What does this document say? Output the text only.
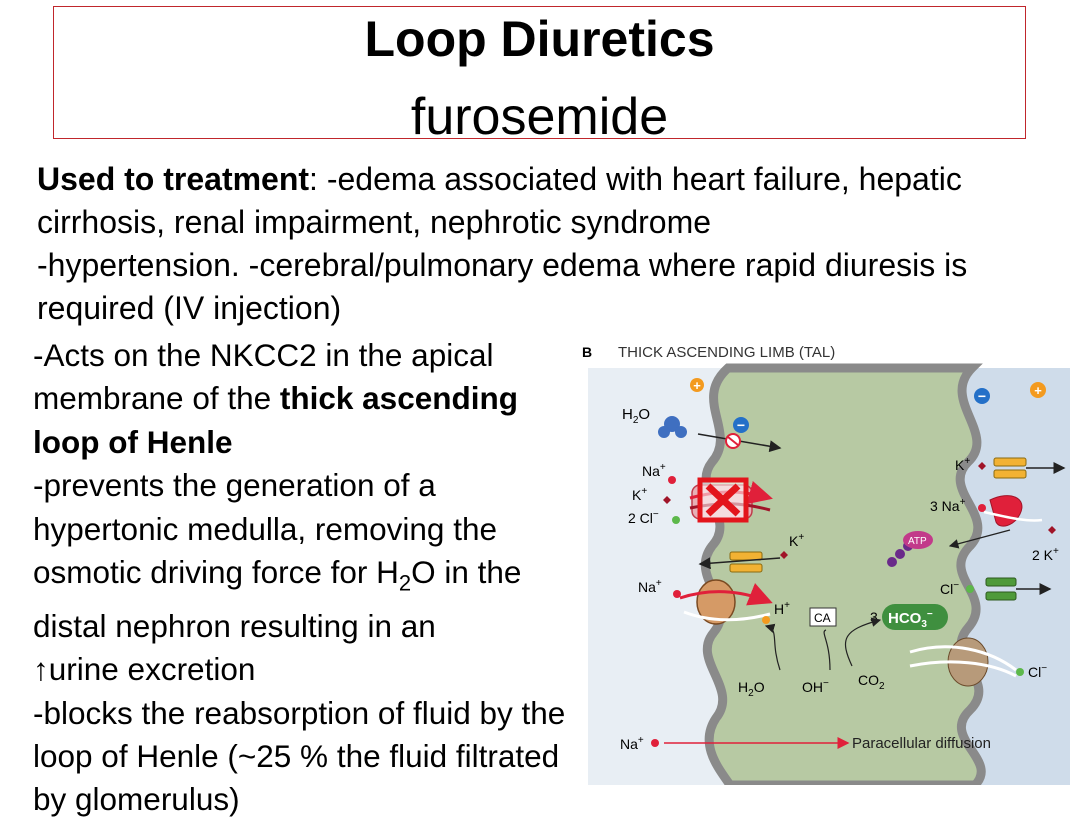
Loop Diuretics
furosemide
Used to treatment: -edema associated with heart failure, hepatic cirrhosis, renal impairment, nephrotic syndrome
-hypertension. -cerebral/pulmonary edema where rapid diuresis is required (IV injection)

-Acts on the NKCC2 in the apical membrane of the thick ascending loop of Henle

-prevents the generation of a hypertonic medulla, removing the osmotic driving force for $H_2O$ in the distal nephron resulting in an
↑urine excretion

-blocks the reabsorption of fluid by the loop of Henle (~25 % the fluid filtrated by glomerulus)

B THICK ASCENDING LIMB (TAL)
+
−
$H_2O$
Na+
K+
2 Cl−
K+
Na+
Na+	Paracellular diffusion
H+
CA	3 $HCO_3^-$
$H_2O$	OH− $CO_2$
ATP
−	+
K+
3 Na+
2 K+
Cl−
Cl−
